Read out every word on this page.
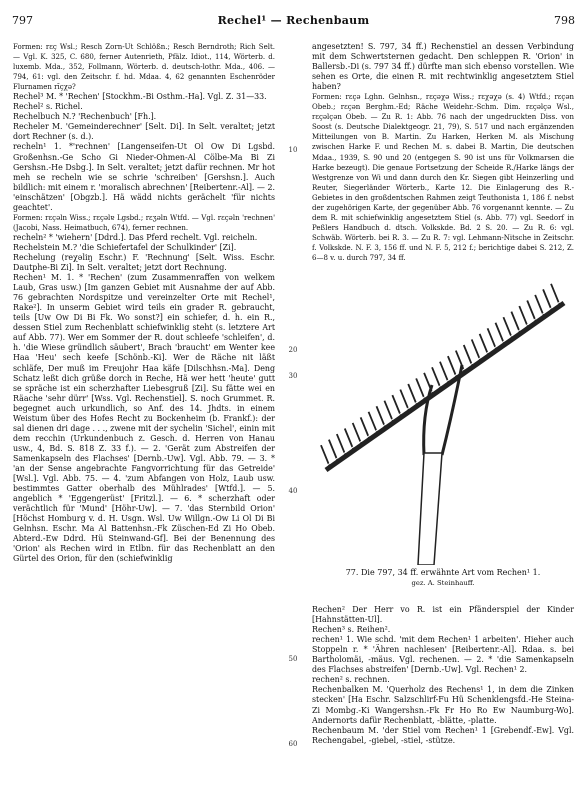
797	Rechel¹ — Rechenbaum	798
10
20
30
40
50
60

Formen: rεç Wsl.; Resch Zorn-Ut Schlößn.; Resch Berndroth; Rich Selt. — Vgl. K. 325, C. 680, ferner Autenrieth, Pfälz. Idiot., 114, Wörterb. d. luxemb. Mda., 352, Follmann, Wörterb. d. deutsch-lothr. Mda., 406. — 794, 61: vgl. den Zeitschr. f. hd. Mdaa. 4, 62 genannten Eschenröder Flurnamen rīçχə?

Rechel³ M. * 'Rechen' [Stockhm.-Bi Osthm.-Ha]. Vgl. Z. 31—33.

Rechel² s. Richel.

Rechelbuch N.? 'Rechenbuch' [Fh.].

Recheler M. 'Gemeinderechner' [Selt. Di]. In Selt. veraltet; jetzt dort Rechner (s. d.).

recheln¹ 1. *'rechnen' [Langenseifen-Ut Ol Ow Di Lgsbd. Großenhsn.-Ge Scho Gi Nieder-Ohmen-Al Cölbe-Ma Bi Zi Gershsn.-He Dsbg.]. In Selt. veraltet; jetzt dafür rechnen. Mr hot meh se recheln wie se schrie 'schreiben' [Gershsn.]. Auch bildlich: mit einem r. 'moralisch abrechnen' [Reibertenr.-Al]. — 2. 'einschätzen' [Obgzb.]. Hä wädd nichts gerächelt 'für nichts geachtet'.

Formen: rεçəln Wiss.; rεçəlɐ Lgsbd.; rεʒəln Wtfd. — Vgl. rεçəln 'rechnen' (Jacobi, Nass. Heimatbuch, 674), ferner rechnen.

recheln² * 'wiehern' [Ddrd.]. Das Pferd rechelt. Vgl. reicheln.

Rechelstein M.? 'die Schiefertafel der Schulkinder' [Zi].

Rechelung (reχəliŋ Eschr.) F. 'Rechnung' [Selt. Wiss. Eschr. Dautphe-Bi Zi]. In Selt. veraltet; jetzt dort Rechnung.

Rechen¹ M. 1. * 'Rechen' (zum Zusammenraffen von welkem Laub, Gras usw.) [Im ganzen Gebiet mit Ausnahme der auf Abb. 76 gebrachten Nordspitze und vereinzelter Orte mit Rechel¹, Rake²]. In unserm Gebiet wird teils ein grader R. gebraucht, teils [Uw Ow Di Bi Fk. Wo sonst?] ein schiefer, d. h. ein R., dessen Stiel zum Rechenblatt schiefwinklig steht (s. letztere Art auf Abb. 77). Wer em Sommer der R. dout schleefe 'schleifen', d. h. 'die Wiese gründlich säubert', Brach 'braucht' em Wenter kee Haa 'Heu' sech keefe [Schönb.-Ki]. Wer de Räche nit läßt schläfe, Der muß im Freujohr Haa käfe [Dilschhsn.-Ma]. Deng Schatz leßt dich grüße dorch in Reche, Hä wer hett 'heute' gutt se spräche ist ein scherzhafter Liebesgruß [Zi]. Su fätte wei en Räache 'sehr dürr' [Wss. Vgl. Rechenstiel]. S. noch Grummet. R. begegnet auch urkundlich, so Anf. des 14. Jhdts. in einem Weistum über des Hofes Recht zu Bockenheim (b. Frankf.): der sal dienen dri dage . . ., zwene mit der sychelin 'Sichel', einin mit dem recchin (Urkundenbuch z. Gesch. d. Herren von Hanau usw., 4, Bd. S. 818 Z. 33 f.). — 2. 'Gerät zum Abstreifen der Samenkapseln des Flachses' [Dernb.-Uw]. Vgl. Abb. 79. — 3. * 'an der Sense angebrachte Fangvorrichtung für das Getreide' [Wsl.]. Vgl. Abb. 75. — 4. 'zum Abfangen von Holz, Laub usw. bestimmtes Gatter oberhalb des Mühlrades' [Wtfd.]. — 5. angeblich * 'Eggengerüst' [Fritzl.]. — 6. * scherzhaft oder verächtlich für 'Mund' [Höhr-Uw]. — 7. 'das Sternbild Orion' [Höchst Homburg v. d. H. Usgn. Wsl. Uw Willgn.-Ow Li Ol Di Bi Gelnhsn. Eschr. Ma Al Battenhsn.-Fk Züschen-Ed Zi Ho Obeb. Abterd.-Ew Ddrd. Hü Steinwand-Gf]. Bei der Benennung des 'Orion' als Rechen wird in Etlbn. für das Rechenblatt an den Gürtel des Orion, für den (schiefwinklig

angesetzten! S. 797, 34 ff.) Rechenstiel an dessen Verbindung mit dem Schwertsternen gedacht. Den schleppen R. 'Orion' in Ballersb.-Di (s. 797 34 ff.) dürfte man sich ebenso vorstellen. Wie sehen es Orte, die einen R. mit rechtwinklig angesetztem Stiel haben?

Formen: rεçə Lghn. Gelnhsn., rεçəχə Wiss.; rεχəχə (s. 4) Wtfd.; rεçən Obeb.; rεçən Berghm.-Ed; Räche Weidehr.-Schm. Dim. rεçəlçə Wsl., rεçəlçən Obeb. — Zu R. 1: Abb. 76 nach der ungedruckten Diss. von Soost (s. Deutsche Dialektgeogr. 21, 79), S. 517 und nach ergänzenden Mitteilungen von B. Martin. Zu Harken, Herken M. als Mischung zwischen Harke F. und Rechen M. s. dabei B. Martin, Die deutschen Mdaa., 1939, S. 90 und 20 (entgegen S. 90 ist uns für Volkmarsen die Harke bezeugt). Die genaue Fortsetzung der Scheide R./Harke längs der Westgrenze von Wi und dann durch den Kr. Siegen gibt Heinzerling und Reuter, Siegerländer Wörterb., Karte 12. Die Einlagerung des R.-Gebietes in den großdentschen Rahmen zeigt Teuthonista 1, 186 f. nebst der zugehörigen Karte, der gegenüber Abb. 76 vorgenannt kennte. — Zu dem R. mit schiefwinklig angesetztem Stiel (s. Abb. 77) vgl. Seedorf in Peßlers Handbuch d. dtsch. Volkskde. Bd. 2 S. 20. — Zu R. 6: vgl. Schwäb. Wörterb. bei R. 3. — Zu R. 7: vgl. Lehmann-Nitsche in Zeitschr. f. Volkskde. N. F. 3, 156 ff. und N. F. 5, 212 f.; berichtige dabei S. 212, Z. 6—8 v. u. durch 797, 34 ff.

77. Die 797, 34 ff. erwähnte Art vom Rechen¹ 1.
gez. A. Steinhauff.

Rechen² Der Herr vo R. ist ein Pfänderspiel der Kinder [Hahnstätten-Ul].

Rechen³ s. Reihen².

rechen¹ 1. Wie schd. 'mit dem Rechen¹ 1 arbeiten'. Hieher auch Stoppeln r. * 'Ähren nachlesen' [Reibertenr.-Al]. Rdaa. s. bei Bartholomäi, -mäus. Vgl. rechenen. — 2. * 'die Samenkapseln des Flachses abstreifen' [Dernb.-Uw]. Vgl. Rechen¹ 2.

rechen² s. rechnen.

Rechenbalken M. 'Querholz des Rechens¹ 1, in dem die Zinken stecken' [Ha Eschr. Salzschlirf-Fu Hü Schenklengsfd.-He Steina-Zi Mombg.-Ki Wangershsn.-Fk Fr Ho Ro Ew Naumburg-Wo]. Andernorts dafür Rechenblatt, -blätte, -platte.

Rechenbaum M. 'der Stiel vom Rechen¹ 1 [Grebendf.-Ew]. Vgl. Rechengabel, -giebel, -stiel, -stütze.
